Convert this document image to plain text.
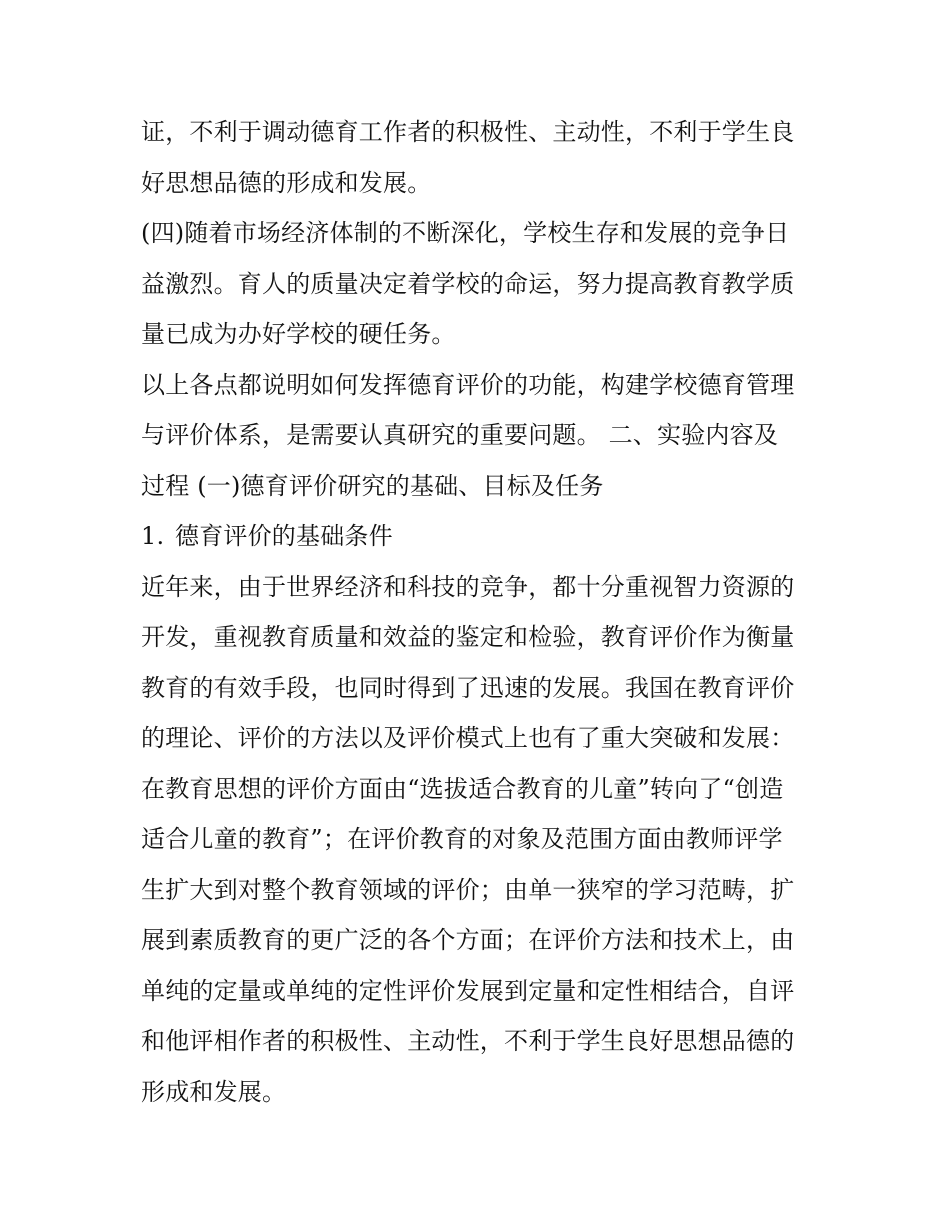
证，不利于调动德育工作者的积极性、主动性，不利于学生良
好思想品德的形成和发展。
(四)随着市场经济体制的不断深化，学校生存和发展的竞争日
益激烈。育人的质量决定着学校的命运，努力提高教育教学质
量已成为办好学校的硬任务。
以上各点都说明如何发挥德育评价的功能，构建学校德育管理
与评价体系，是需要认真研究的重要问题。 二、实验内容及
过程 (一)德育评价研究的基础、目标及任务
1. 德育评价的基础条件
近年来，由于世界经济和科技的竞争，都十分重视智力资源的
开发，重视教育质量和效益的鉴定和检验，教育评价作为衡量
教育的有效手段，也同时得到了迅速的发展。我国在教育评价
的理论、评价的方法以及评价模式上也有了重大突破和发展：
在教育思想的评价方面由“选拔适合教育的儿童”转向了“创造
适合儿童的教育”；在评价教育的对象及范围方面由教师评学
生扩大到对整个教育领域的评价；由单一狭窄的学习范畴，扩
展到素质教育的更广泛的各个方面；在评价方法和技术上，由
单纯的定量或单纯的定性评价发展到定量和定性相结合，自评
和他评相作者的积极性、主动性，不利于学生良好思想品德的
形成和发展。
